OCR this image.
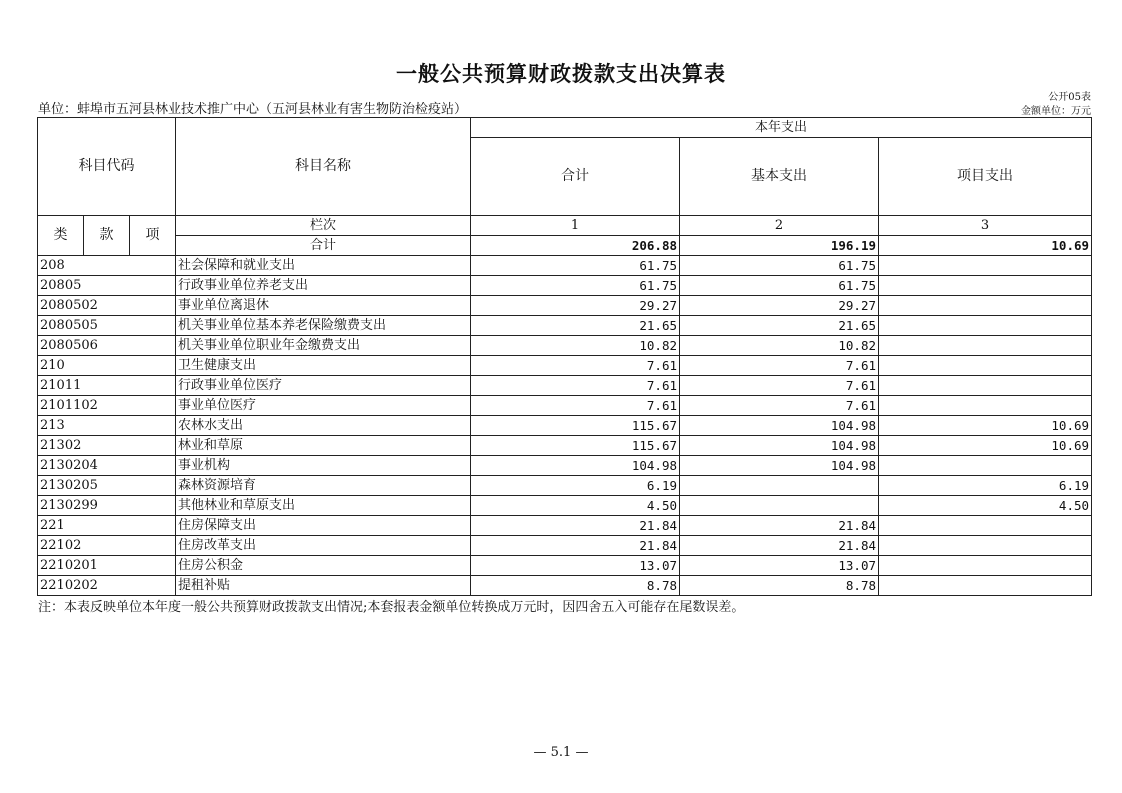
一般公共预算财政拨款支出决算表
公开05表
单位：蚌埠市五河县林业技术推广中心（五河县林业有害生物防治检疫站）	金额单位：万元
科目代码			科目名称	本年支出		
				合计	基本支出	项目支出
类	款	项	栏次	1	2	3
			合计	206.88	196.19	10.69
208			社会保障和就业支出	61.75	61.75	
20805			行政事业单位养老支出	61.75	61.75	
2080502			事业单位离退休	29.27	29.27	
2080505			机关事业单位基本养老保险缴费支出	21.65	21.65	
2080506			机关事业单位职业年金缴费支出	10.82	10.82	
210			卫生健康支出	7.61	7.61	
21011			行政事业单位医疗	7.61	7.61	
2101102			事业单位医疗	7.61	7.61	
213			农林水支出	115.67	104.98	10.69
21302			林业和草原	115.67	104.98	10.69
2130204			事业机构	104.98	104.98	
2130205			森林资源培育	6.19		6.19
2130299			其他林业和草原支出	4.50		4.50
221			住房保障支出	21.84	21.84	
22102			住房改革支出	21.84	21.84	
2210201			住房公积金	13.07	13.07	
2210202			提租补贴	8.78	8.78	
注：本表反映单位本年度一般公共预算财政拨款支出情况;本套报表金额单位转换成万元时，因四舍五入可能存在尾数误差。
— 5.1 —
